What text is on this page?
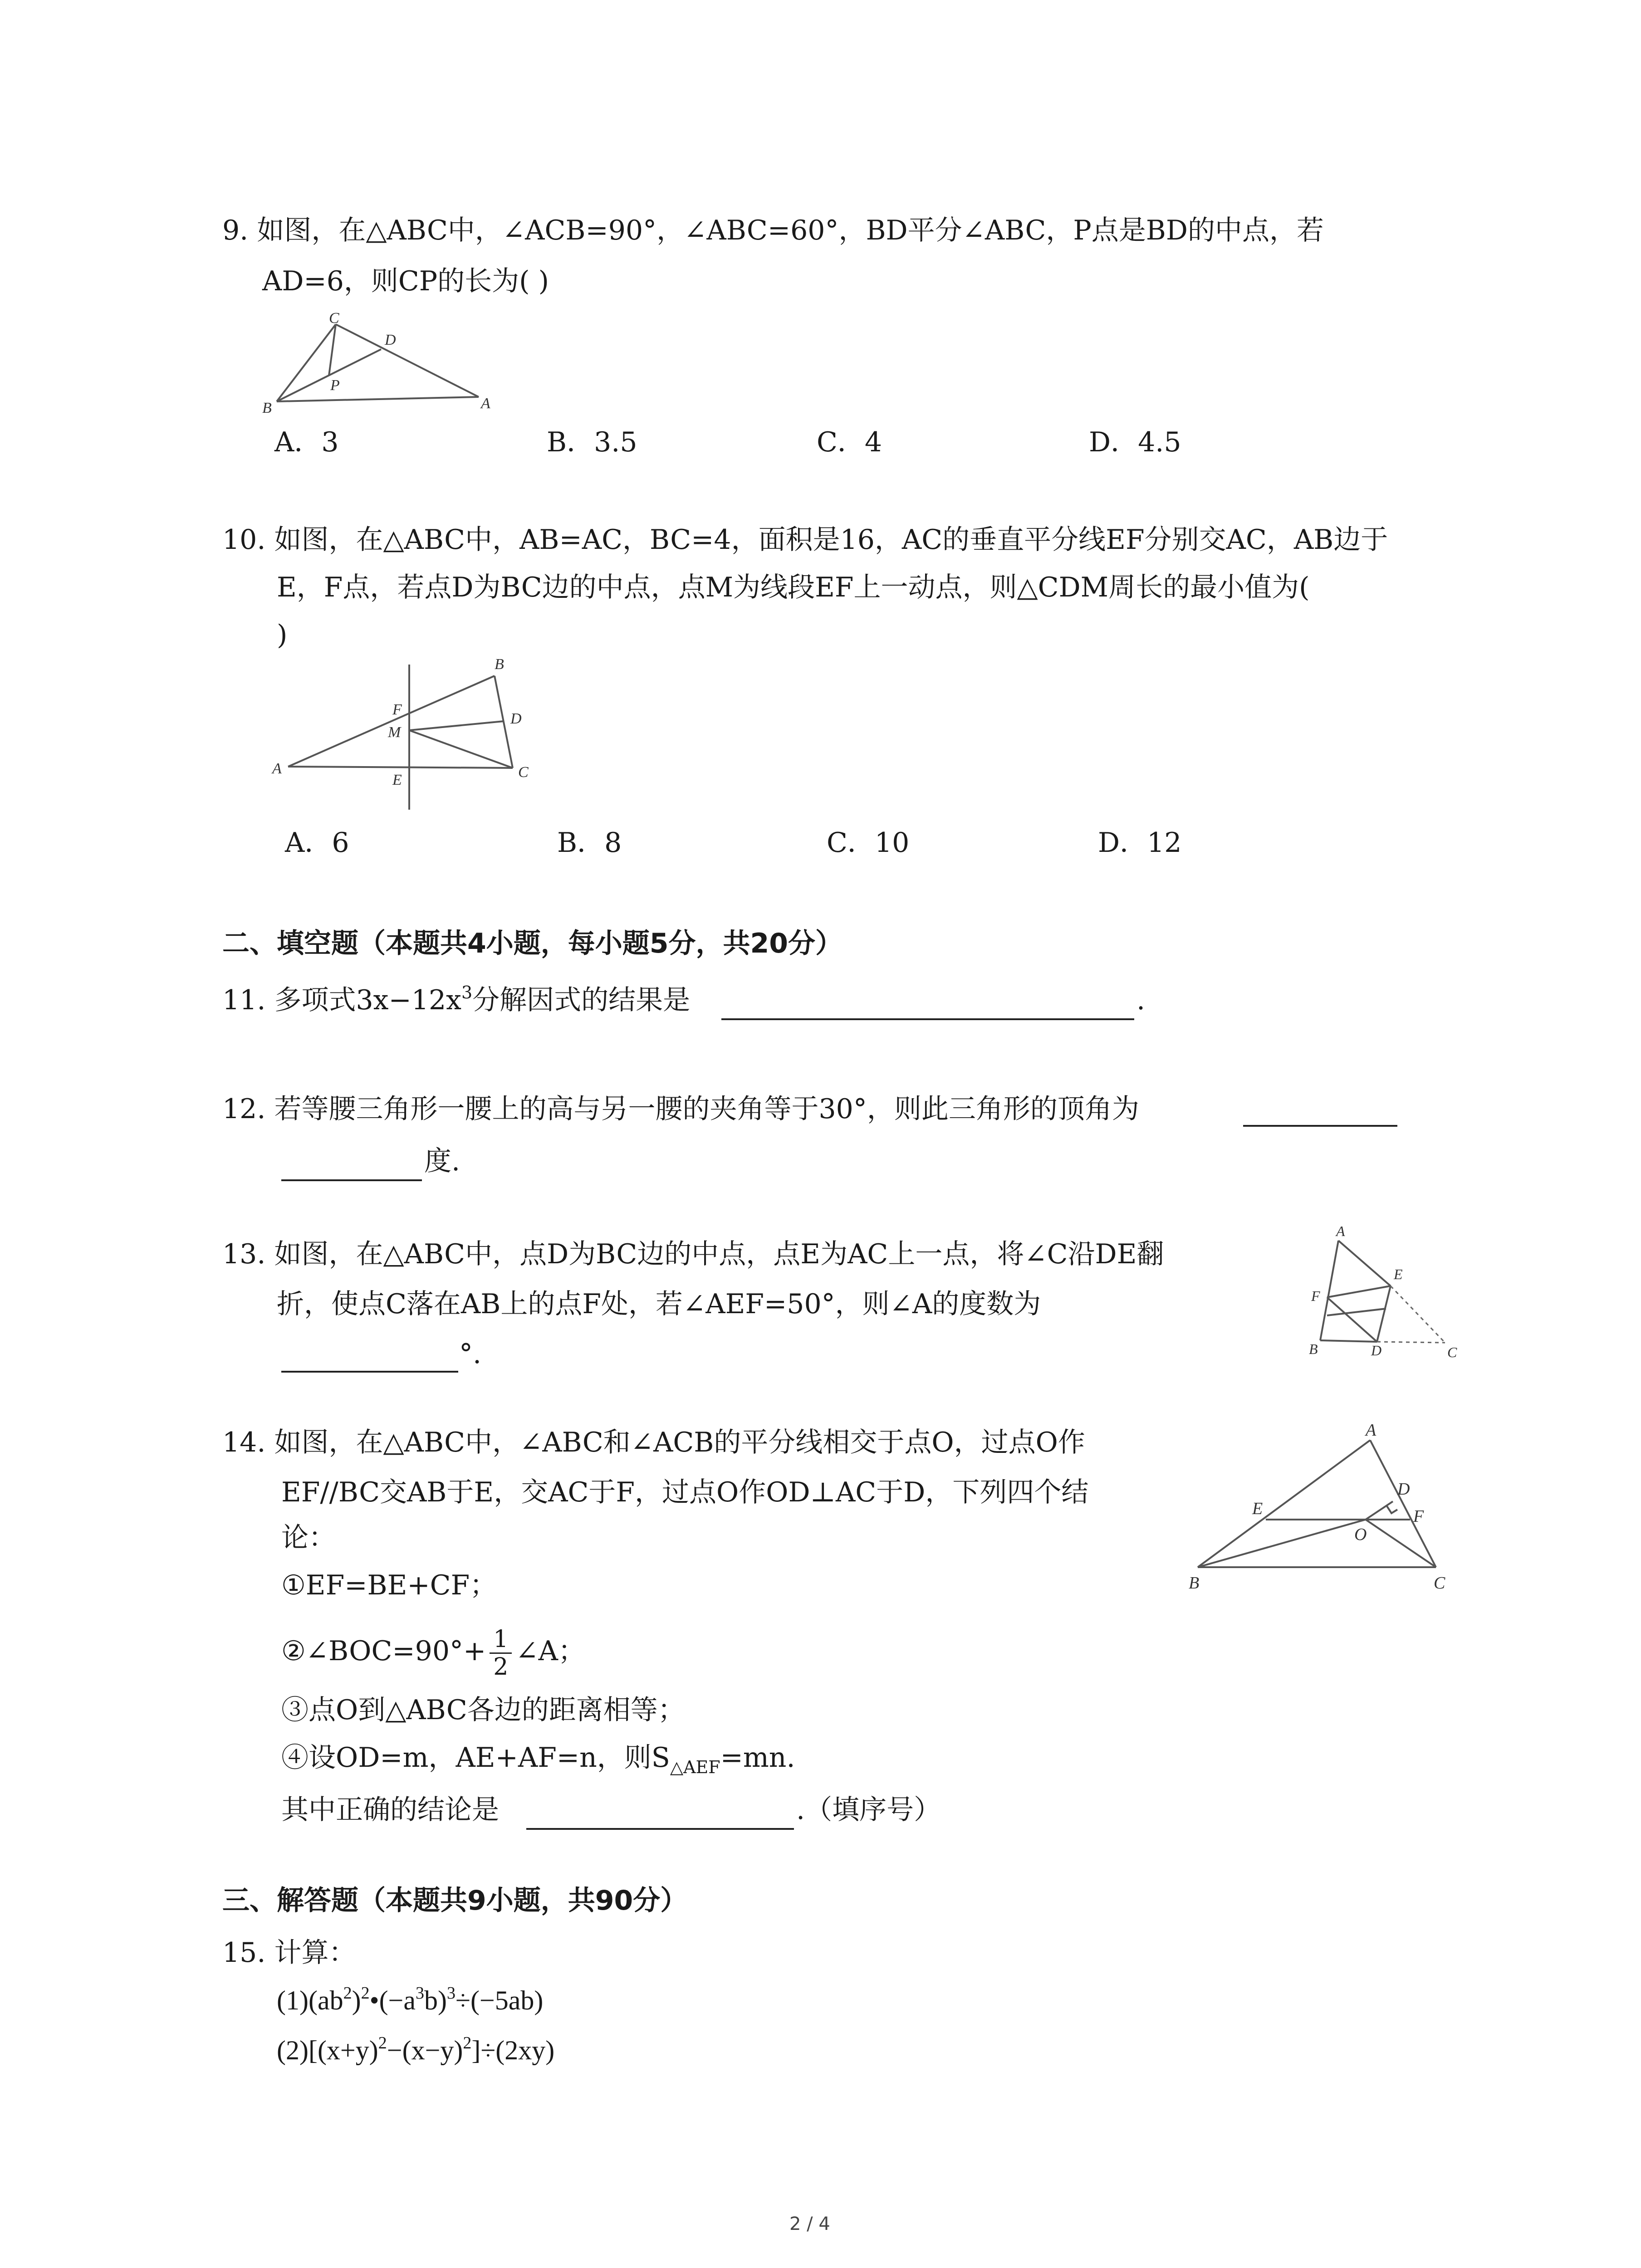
9. 如图，在△ABC中，∠ACB=90°，∠ABC=60°，BD平分∠ABC，P点是BD的中点，若
AD=6，则CP的长为( )
C
D
P
B	A
A．3	B．3.5	C．4	D．4.5
10. 如图，在△ABC中，AB=AC，BC=4，面积是16，AC的垂直平分线EF分别交AC，AB边于
E，F点，若点D为BC边的中点，点M为线段EF上一动点，则△CDM周长的最小值为(
)
B
F
M
D
A
E	C
A．6	B．8	C．10	D．12
二、填空题（本题共4小题，每小题5分，共20分）
11. 多项式$3x-12x^3$分解因式的结果是	.
12. 若等腰三角形一腰上的高与另一腰的夹角等于30°，则此三角形的顶角为
度.
13. 如图，在△ABC中，点D为BC边的中点，点E为AC上一点，将∠C沿DE翻
折，使点C落在AB上的点F处，若∠AEF=50°，则∠A的度数为
°.
A
E
F
B	D	C
14. 如图，在△ABC中，∠ABC和∠ACB的平分线相交于点O，过点O作
EF//BC交AB于E，交AC于F，过点O作OD⊥AC于D，下列四个结
论：
①EF=BE+CF；
②∠BOC=90°+ $\frac{1}{2}$ ∠A；
③点O到△ABC各边的距离相等；
④设OD=m，AE+AF=n，则$S_{\triangle AEF}=mn$.
其中正确的结论是	.（填序号）
A
D
F
E
O
B	C
三、解答题（本题共9小题，共90分）
15. 计算：
$(1)(ab^2)^2•(-a^3b)^3\div(-5ab)$
$(2)[(x+y)^2-(x-y)^2]\div(2xy)$
2 / 4
